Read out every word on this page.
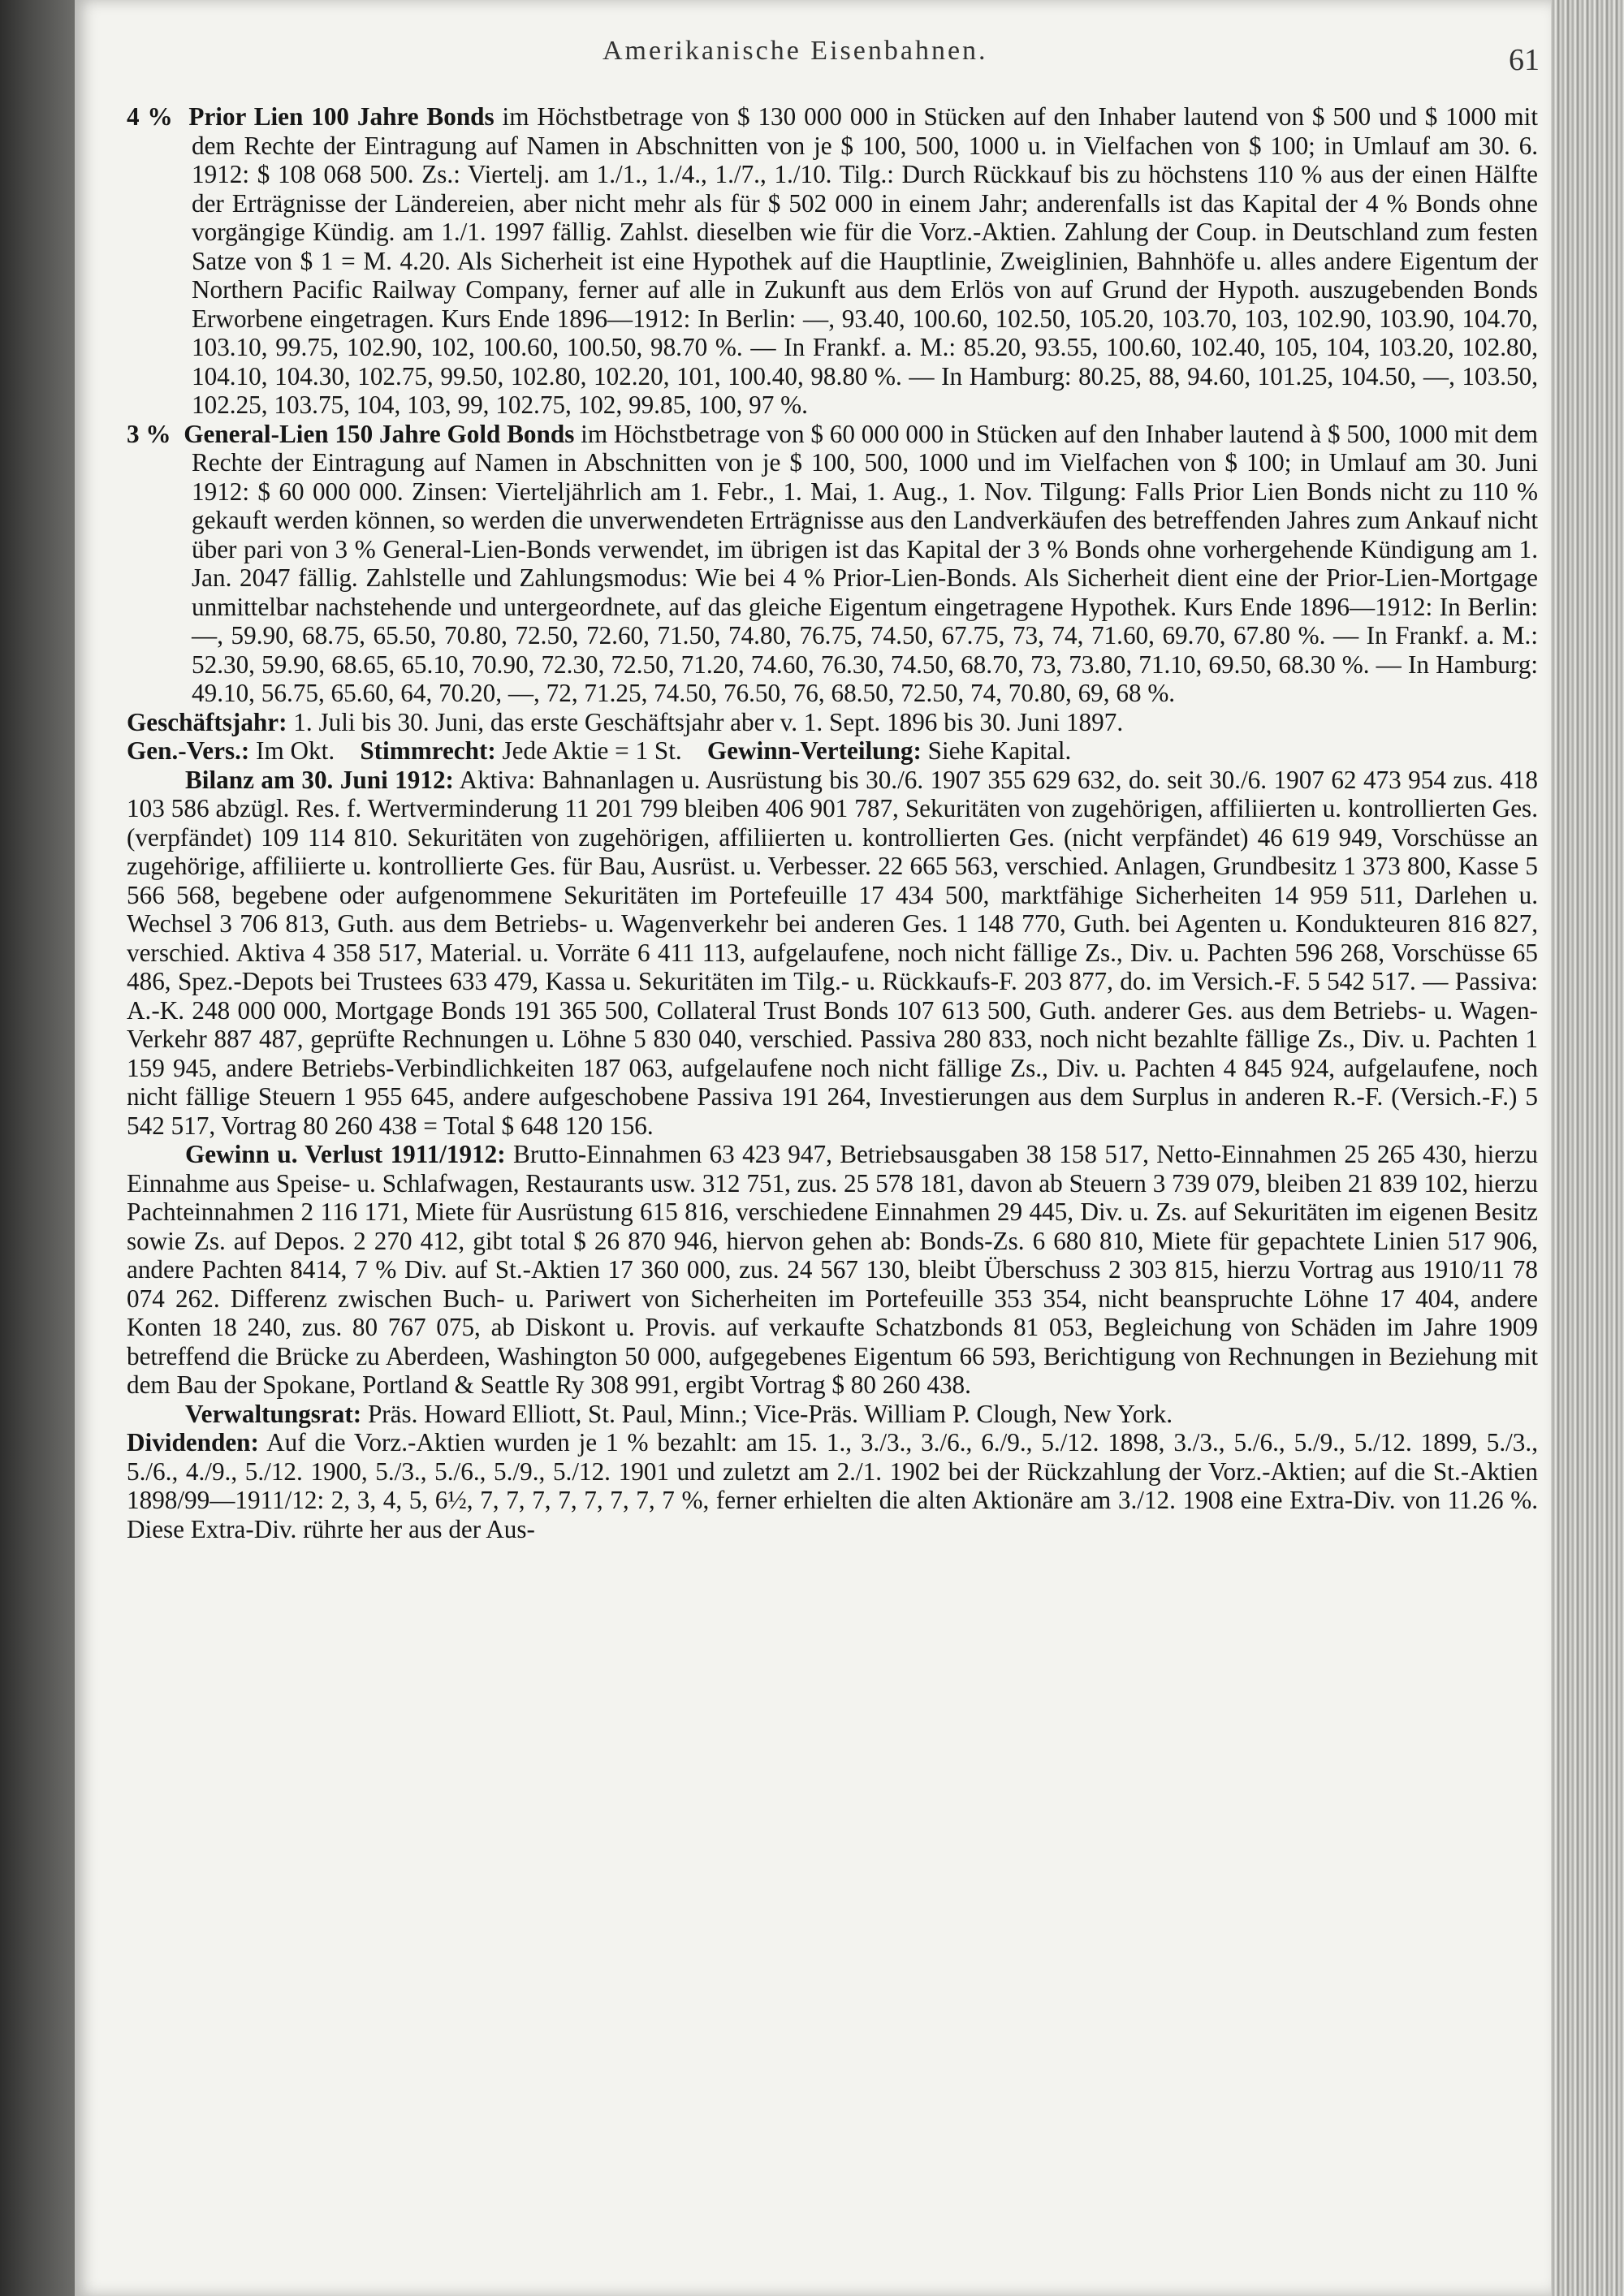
Amerikanische Eisenbahnen.	61

4 % Prior Lien 100 Jahre Bonds im Höchstbetrage von $ 130 000 000 in Stücken auf den Inhaber lautend von $ 500 und $ 1000 mit dem Rechte der Eintragung auf Namen in Abschnitten von je $ 100, 500, 1000 u. in Vielfachen von $ 100; in Umlauf am 30. 6. 1912: $ 108 068 500. Zs.: Viertelj. am 1./1., 1./4., 1./7., 1./10. Tilg.: Durch Rückkauf bis zu höchstens 110 % aus der einen Hälfte der Erträgnisse der Ländereien, aber nicht mehr als für $ 502 000 in einem Jahr; anderenfalls ist das Kapital der 4 % Bonds ohne vorgängige Kündig. am 1./1. 1997 fällig. Zahlst. dieselben wie für die Vorz.-Aktien. Zahlung der Coup. in Deutschland zum festen Satze von $ 1 = M. 4.20. Als Sicherheit ist eine Hypothek auf die Hauptlinie, Zweiglinien, Bahnhöfe u. alles andere Eigentum der Northern Pacific Railway Company, ferner auf alle in Zukunft aus dem Erlös von auf Grund der Hypoth. auszugebenden Bonds Erworbene eingetragen. Kurs Ende 1896—1912: In Berlin: —, 93.40, 100.60, 102.50, 105.20, 103.70, 103, 102.90, 103.90, 104.70, 103.10, 99.75, 102.90, 102, 100.60, 100.50, 98.70 %. — In Frankf. a. M.: 85.20, 93.55, 100.60, 102.40, 105, 104, 103.20, 102.80, 104.10, 104.30, 102.75, 99.50, 102.80, 102.20, 101, 100.40, 98.80 %. — In Hamburg: 80.25, 88, 94.60, 101.25, 104.50, —, 103.50, 102.25, 103.75, 104, 103, 99, 102.75, 102, 99.85, 100, 97 %.

3 % General-Lien 150 Jahre Gold Bonds im Höchstbetrage von $ 60 000 000 in Stücken auf den Inhaber lautend à $ 500, 1000 mit dem Rechte der Eintragung auf Namen in Abschnitten von je $ 100, 500, 1000 und im Vielfachen von $ 100; in Umlauf am 30. Juni 1912: $ 60 000 000. Zinsen: Vierteljährlich am 1. Febr., 1. Mai, 1. Aug., 1. Nov. Tilgung: Falls Prior Lien Bonds nicht zu 110 % gekauft werden können, so werden die unverwendeten Erträgnisse aus den Landverkäufen des betreffenden Jahres zum Ankauf nicht über pari von 3 % General-Lien-Bonds verwendet, im übrigen ist das Kapital der 3 % Bonds ohne vorhergehende Kündigung am 1. Jan. 2047 fällig. Zahlstelle und Zahlungsmodus: Wie bei 4 % Prior-Lien-Bonds. Als Sicherheit dient eine der Prior-Lien-Mortgage unmittelbar nachstehende und untergeordnete, auf das gleiche Eigentum eingetragene Hypothek. Kurs Ende 1896—1912: In Berlin: —, 59.90, 68.75, 65.50, 70.80, 72.50, 72.60, 71.50, 74.80, 76.75, 74.50, 67.75, 73, 74, 71.60, 69.70, 67.80 %. — In Frankf. a. M.: 52.30, 59.90, 68.65, 65.10, 70.90, 72.30, 72.50, 71.20, 74.60, 76.30, 74.50, 68.70, 73, 73.80, 71.10, 69.50, 68.30 %. — In Hamburg: 49.10, 56.75, 65.60, 64, 70.20, —, 72, 71.25, 74.50, 76.50, 76, 68.50, 72.50, 74, 70.80, 69, 68 %.

Geschäftsjahr: 1. Juli bis 30. Juni, das erste Geschäftsjahr aber v. 1. Sept. 1896 bis 30. Juni 1897.

Gen.-Vers.: Im Okt. Stimmrecht: Jede Aktie = 1 St. Gewinn-Verteilung: Siehe Kapital.

Bilanz am 30. Juni 1912: Aktiva: Bahnanlagen u. Ausrüstung bis 30./6. 1907 355 629 632, do. seit 30./6. 1907 62 473 954 zus. 418 103 586 abzügl. Res. f. Wertverminderung 11 201 799 bleiben 406 901 787, Sekuritäten von zugehörigen, affiliierten u. kontrollierten Ges. (verpfändet) 109 114 810. Sekuritäten von zugehörigen, affiliierten u. kontrollierten Ges. (nicht verpfändet) 46 619 949, Vorschüsse an zugehörige, affiliierte u. kontrollierte Ges. für Bau, Ausrüst. u. Verbesser. 22 665 563, verschied. Anlagen, Grundbesitz 1 373 800, Kasse 5 566 568, begebene oder aufgenommene Sekuritäten im Portefeuille 17 434 500, marktfähige Sicherheiten 14 959 511, Darlehen u. Wechsel 3 706 813, Guth. aus dem Betriebs- u. Wagenverkehr bei anderen Ges. 1 148 770, Guth. bei Agenten u. Kondukteuren 816 827, verschied. Aktiva 4 358 517, Material. u. Vorräte 6 411 113, aufgelaufene, noch nicht fällige Zs., Div. u. Pachten 596 268, Vorschüsse 65 486, Spez.-Depots bei Trustees 633 479, Kassa u. Sekuritäten im Tilg.- u. Rückkaufs-F. 203 877, do. im Versich.-F. 5 542 517. — Passiva: A.-K. 248 000 000, Mortgage Bonds 191 365 500, Collateral Trust Bonds 107 613 500, Guth. anderer Ges. aus dem Betriebs- u. Wagen-Verkehr 887 487, geprüfte Rechnungen u. Löhne 5 830 040, verschied. Passiva 280 833, noch nicht bezahlte fällige Zs., Div. u. Pachten 1 159 945, andere Betriebs-Verbindlichkeiten 187 063, aufgelaufene noch nicht fällige Zs., Div. u. Pachten 4 845 924, aufgelaufene, noch nicht fällige Steuern 1 955 645, andere aufgeschobene Passiva 191 264, Investierungen aus dem Surplus in anderen R.-F. (Versich.-F.) 5 542 517, Vortrag 80 260 438 = Total $ 648 120 156.

Gewinn u. Verlust 1911/1912: Brutto-Einnahmen 63 423 947, Betriebsausgaben 38 158 517, Netto-Einnahmen 25 265 430, hierzu Einnahme aus Speise- u. Schlafwagen, Restaurants usw. 312 751, zus. 25 578 181, davon ab Steuern 3 739 079, bleiben 21 839 102, hierzu Pachteinnahmen 2 116 171, Miete für Ausrüstung 615 816, verschiedene Einnahmen 29 445, Div. u. Zs. auf Sekuritäten im eigenen Besitz sowie Zs. auf Depos. 2 270 412, gibt total $ 26 870 946, hiervon gehen ab: Bonds-Zs. 6 680 810, Miete für gepachtete Linien 517 906, andere Pachten 8414, 7 % Div. auf St.-Aktien 17 360 000, zus. 24 567 130, bleibt Überschuss 2 303 815, hierzu Vortrag aus 1910/11 78 074 262. Differenz zwischen Buch- u. Pariwert von Sicherheiten im Portefeuille 353 354, nicht beanspruchte Löhne 17 404, andere Konten 18 240, zus. 80 767 075, ab Diskont u. Provis. auf verkaufte Schatzbonds 81 053, Begleichung von Schäden im Jahre 1909 betreffend die Brücke zu Aberdeen, Washington 50 000, aufgegebenes Eigentum 66 593, Berichtigung von Rechnungen in Beziehung mit dem Bau der Spokane, Portland & Seattle Ry 308 991, ergibt Vortrag $ 80 260 438.

Verwaltungsrat: Präs. Howard Elliott, St. Paul, Minn.; Vice-Präs. William P. Clough, New York.

Dividenden: Auf die Vorz.-Aktien wurden je 1 % bezahlt: am 15. 1., 3./3., 3./6., 6./9., 5./12. 1898, 3./3., 5./6., 5./9., 5./12. 1899, 5./3., 5./6., 4./9., 5./12. 1900, 5./3., 5./6., 5./9., 5./12. 1901 und zuletzt am 2./1. 1902 bei der Rückzahlung der Vorz.-Aktien; auf die St.-Aktien 1898/99—1911/12: 2, 3, 4, 5, 6½, 7, 7, 7, 7, 7, 7, 7, 7 %, ferner erhielten die alten Aktionäre am 3./12. 1908 eine Extra-Div. von 11.26 %. Diese Extra-Div. rührte her aus der Aus-
